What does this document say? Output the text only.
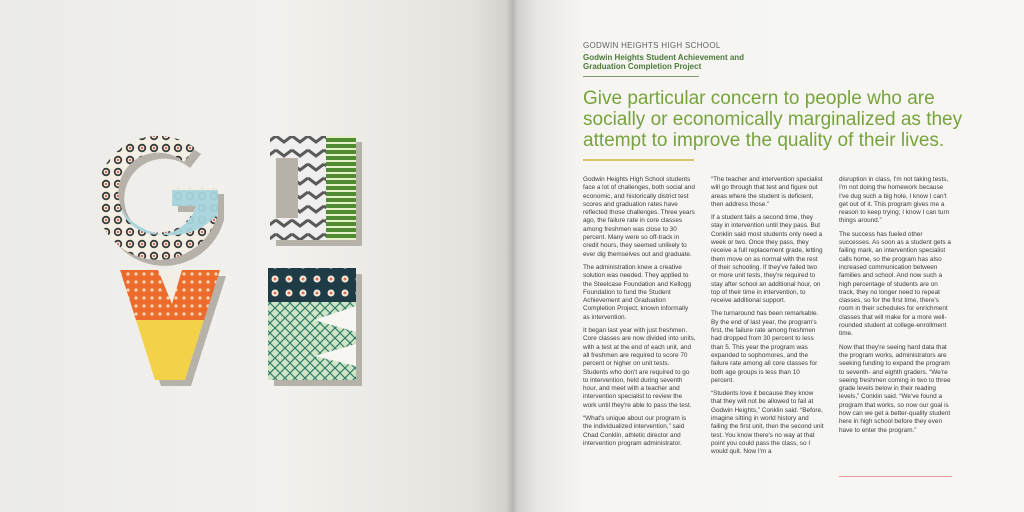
GODWIN HEIGHTS HIGH SCHOOL
Godwin Heights Student Achievement and Graduation Completion Project
Give particular concern to people who are socially or economically marginalized as they attempt to improve the quality of their lives.

Godwin Heights High School students face a lot of challenges, both social and economic, and historically district test scores and graduation rates have reflected those challenges. Three years ago, the failure rate in core classes among freshmen was close to 30 percent. Many were so off-track in credit hours, they seemed unlikely to ever dig themselves out and graduate.

The administration knew a creative solution was needed. They applied to the Steelcase Foundation and Kellogg Foundation to fund the Student Achievement and Graduation Completion Project, known informally as intervention.

It began last year with just freshmen. Core classes are now divided into units, with a test at the end of each unit, and all freshmen are required to score 70 percent or higher on unit tests. Students who don't are required to go to intervention, held during seventh hour, and meet with a teacher and intervention specialist to review the work until they're able to pass the test.

“What's unique about our program is the individualized intervention,” said Chad Conklin, athletic director and intervention program administrator.

“The teacher and intervention specialist will go through that test and figure out areas where the student is deficient, then address those.”

If a student fails a second time, they stay in intervention until they pass. But Conklin said most students only need a week or two. Once they pass, they receive a full replacement grade, letting them move on as normal with the rest of their schooling. If they've failed two or more unit tests, they're required to stay after school an additional hour, on top of their time in intervention, to receive additional support.

The turnaround has been remarkable. By the end of last year, the program's first, the failure rate among freshmen had dropped from 30 percent to less than 5. This year the program was expanded to sophomores, and the failure rate among all core classes for both age groups is less than 10 percent.

“Students love it because they know that they will not be allowed to fail at Godwin Heights,” Conklin said. “Before, imagine sitting in world history and failing the first unit, then the second unit test. You know there's no way at that point you could pass the class, so I would quit. Now I'm a

disruption in class, I'm not taking tests, I'm not doing the homework because I've dug such a big hole, I know I can't get out of it. This program gives me a reason to keep trying; I know I can turn things around.”

The success has fueled other successes. As soon as a student gets a failing mark, an intervention specialist calls home, so the program has also increased communication between families and school. And now such a high percentage of students are on track, they no longer need to repeat classes, so for the first time, there's room in their schedules for enrichment classes that will make for a more well-rounded student at college-enrollment time.

Now that they're seeing hard data that the program works, administrators are seeking funding to expand the program to seventh- and eighth graders. “We're seeing freshmen coming in two to three grade levels below in their reading levels,” Conklin said. “We've found a program that works, so now our goal is how can we get a better-quality student here in high school before they even have to enter the program.”
